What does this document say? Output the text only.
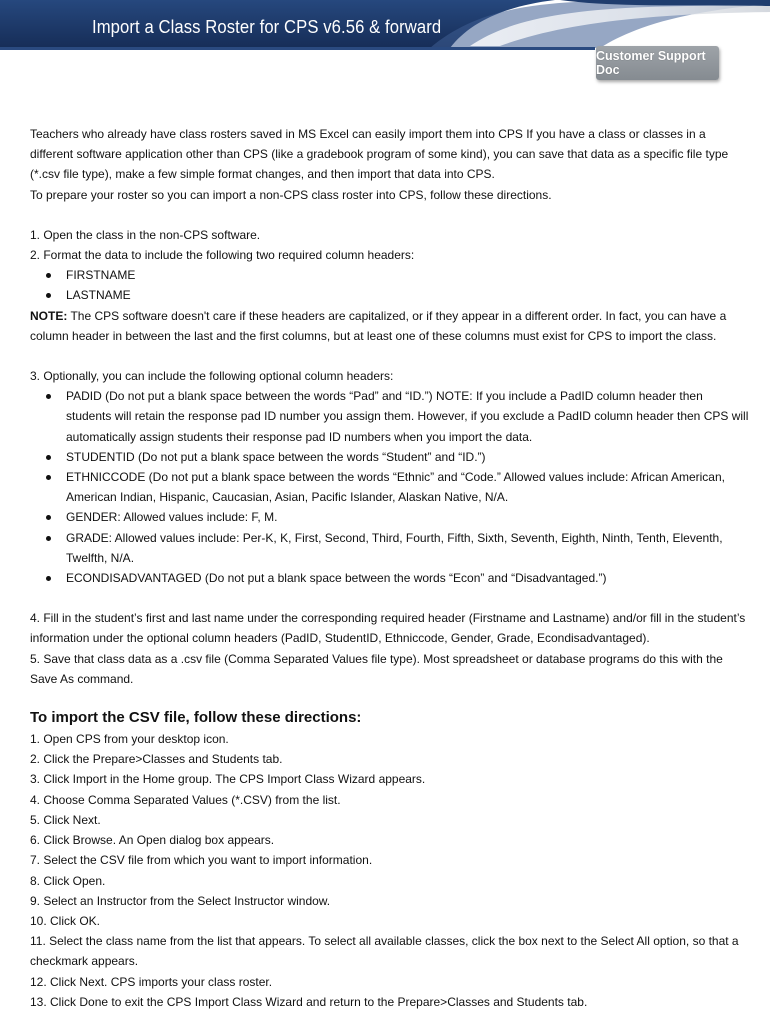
Import a Class Roster for CPS v6.56 & forward
Customer Support Doc

Teachers who already have class rosters saved in MS Excel can easily import them into CPS If you have a class or classes in a different software application other than CPS (like a gradebook program of some kind), you can save that data as a specific file type (*.csv file type), make a few simple format changes, and then import that data into CPS.

To prepare your roster so you can import a non-CPS class roster into CPS, follow these directions.

1. Open the class in the non-CPS software.

2. Format the data to include the following two required column headers:

FIRSTNAME
LASTNAME

NOTE: The CPS software doesn't care if these headers are capitalized, or if they appear in a different order. In fact, you can have a column header in between the last and the first columns, but at least one of these columns must exist for CPS to import the class.

3. Optionally, you can include the following optional column headers:

PADID (Do not put a blank space between the words “Pad” and “ID.”) NOTE: If you include a PadID column header then students will retain the response pad ID number you assign them. However, if you exclude a PadID column header then CPS will automatically assign students their response pad ID numbers when you import the data.
STUDENTID (Do not put a blank space between the words “Student” and “ID.”)
ETHNICCODE (Do not put a blank space between the words “Ethnic” and “Code.” Allowed values include: African American, American Indian, Hispanic, Caucasian, Asian, Pacific Islander, Alaskan Native, N/A.
GENDER: Allowed values include: F, M.
GRADE: Allowed values include: Per-K, K, First, Second, Third, Fourth, Fifth, Sixth, Seventh, Eighth, Ninth, Tenth, Eleventh, Twelfth, N/A.
ECONDISADVANTAGED (Do not put a blank space between the words “Econ” and “Disadvantaged.”)

4. Fill in the student’s first and last name under the corresponding required header (Firstname and Lastname) and/or fill in the student’s information under the optional column headers (PadID, StudentID, Ethniccode, Gender, Grade, Econdisadvantaged).

5. Save that class data as a .csv file (Comma Separated Values file type). Most spreadsheet or database programs do this with the Save As command.

To import the CSV file, follow these directions:

1. Open CPS from your desktop icon.

2. Click the Prepare>Classes and Students tab.

3. Click Import in the Home group. The CPS Import Class Wizard appears.

4. Choose Comma Separated Values (*.CSV) from the list.

5. Click Next.

6. Click Browse. An Open dialog box appears.

7. Select the CSV file from which you want to import information.

8. Click Open.

9. Select an Instructor from the Select Instructor window.

10. Click OK.

11. Select the class name from the list that appears. To select all available classes, click the box next to the Select All option, so that a checkmark appears.

12. Click Next. CPS imports your class roster.

13. Click Done to exit the CPS Import Class Wizard and return to the Prepare>Classes and Students tab.
